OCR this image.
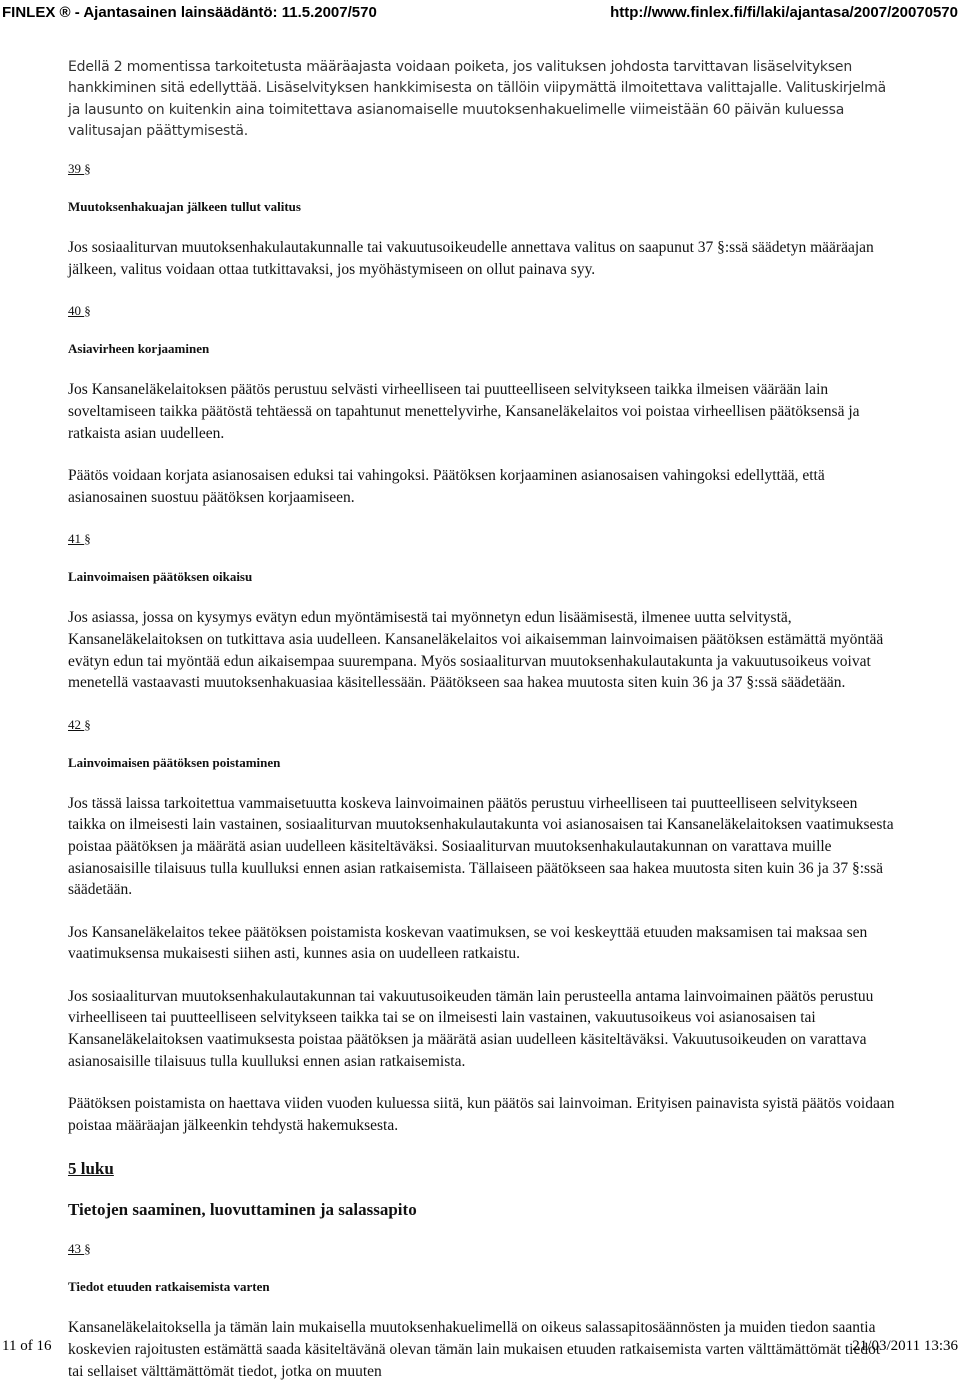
FINLEX ® - Ajantasainen lainsäädäntö: 11.5.2007/570	http://www.finlex.fi/fi/laki/ajantasa/2007/20070570

Edellä 2 momentissa tarkoitetusta määräajasta voidaan poiketa, jos valituksen johdosta tarvittavan lisäselvityksen hankkiminen sitä edellyttää. Lisäselvityksen hankkimisesta on tällöin viipymättä ilmoitettava valittajalle. Valituskirjelmä ja lausunto on kuitenkin aina toimitettava asianomaiselle muutoksenhakuelimelle viimeistään 60 päivän kuluessa valitusajan päättymisestä.

39 §

Muutoksenhakuajan jälkeen tullut valitus

Jos sosiaaliturvan muutoksenhakulautakunnalle tai vakuutusoikeudelle annettava valitus on saapunut 37 §:ssä säädetyn määräajan jälkeen, valitus voidaan ottaa tutkittavaksi, jos myöhästymiseen on ollut painava syy.

40 §

Asiavirheen korjaaminen

Jos Kansaneläkelaitoksen päätös perustuu selvästi virheelliseen tai puutteelliseen selvitykseen taikka ilmeisen väärään lain soveltamiseen taikka päätöstä tehtäessä on tapahtunut menettelyvirhe, Kansaneläkelaitos voi poistaa virheellisen päätöksensä ja ratkaista asian uudelleen.

Päätös voidaan korjata asianosaisen eduksi tai vahingoksi. Päätöksen korjaaminen asianosaisen vahingoksi edellyttää, että asianosainen suostuu päätöksen korjaamiseen.

41 §

Lainvoimaisen päätöksen oikaisu

Jos asiassa, jossa on kysymys evätyn edun myöntämisestä tai myönnetyn edun lisäämisestä, ilmenee uutta selvitystä, Kansaneläkelaitoksen on tutkittava asia uudelleen. Kansaneläkelaitos voi aikaisemman lainvoimaisen päätöksen estämättä myöntää evätyn edun tai myöntää edun aikaisempaa suurempana. Myös sosiaaliturvan muutoksenhakulautakunta ja vakuutusoikeus voivat menetellä vastaavasti muutoksenhakuasiaa käsitellessään. Päätökseen saa hakea muutosta siten kuin 36 ja 37 §:ssä säädetään.

42 §

Lainvoimaisen päätöksen poistaminen

Jos tässä laissa tarkoitettua vammaisetuutta koskeva lainvoimainen päätös perustuu virheelliseen tai puutteelliseen selvitykseen taikka on ilmeisesti lain vastainen, sosiaaliturvan muutoksenhakulautakunta voi asianosaisen tai Kansaneläkelaitoksen vaatimuksesta poistaa päätöksen ja määrätä asian uudelleen käsiteltäväksi. Sosiaaliturvan muutoksenhakulautakunnan on varattava muille asianosaisille tilaisuus tulla kuulluksi ennen asian ratkaisemista. Tällaiseen päätökseen saa hakea muutosta siten kuin 36 ja 37 §:ssä säädetään.

Jos Kansaneläkelaitos tekee päätöksen poistamista koskevan vaatimuksen, se voi keskeyttää etuuden maksamisen tai maksaa sen vaatimuksensa mukaisesti siihen asti, kunnes asia on uudelleen ratkaistu.

Jos sosiaaliturvan muutoksenhakulautakunnan tai vakuutusoikeuden tämän lain perusteella antama lainvoimainen päätös perustuu virheelliseen tai puutteelliseen selvitykseen taikka tai se on ilmeisesti lain vastainen, vakuutusoikeus voi asianosaisen tai Kansaneläkelaitoksen vaatimuksesta poistaa päätöksen ja määrätä asian uudelleen käsiteltäväksi. Vakuutusoikeuden on varattava asianosaisille tilaisuus tulla kuulluksi ennen asian ratkaisemista.

Päätöksen poistamista on haettava viiden vuoden kuluessa siitä, kun päätös sai lainvoiman. Erityisen painavista syistä päätös voidaan poistaa määräajan jälkeenkin tehdystä hakemuksesta.

5 luku

Tietojen saaminen, luovuttaminen ja salassapito

43 §

Tiedot etuuden ratkaisemista varten

Kansaneläkelaitoksella ja tämän lain mukaisella muutoksenhakuelimellä on oikeus salassapitosäännösten ja muiden tiedon saantia koskevien rajoitusten estämättä saada käsiteltävänä olevan tämän lain mukaisen etuuden ratkaisemista varten välttämättömät tiedot tai sellaiset välttämättömät tiedot, jotka on muuten

11 of 16	21/03/2011 13:36
